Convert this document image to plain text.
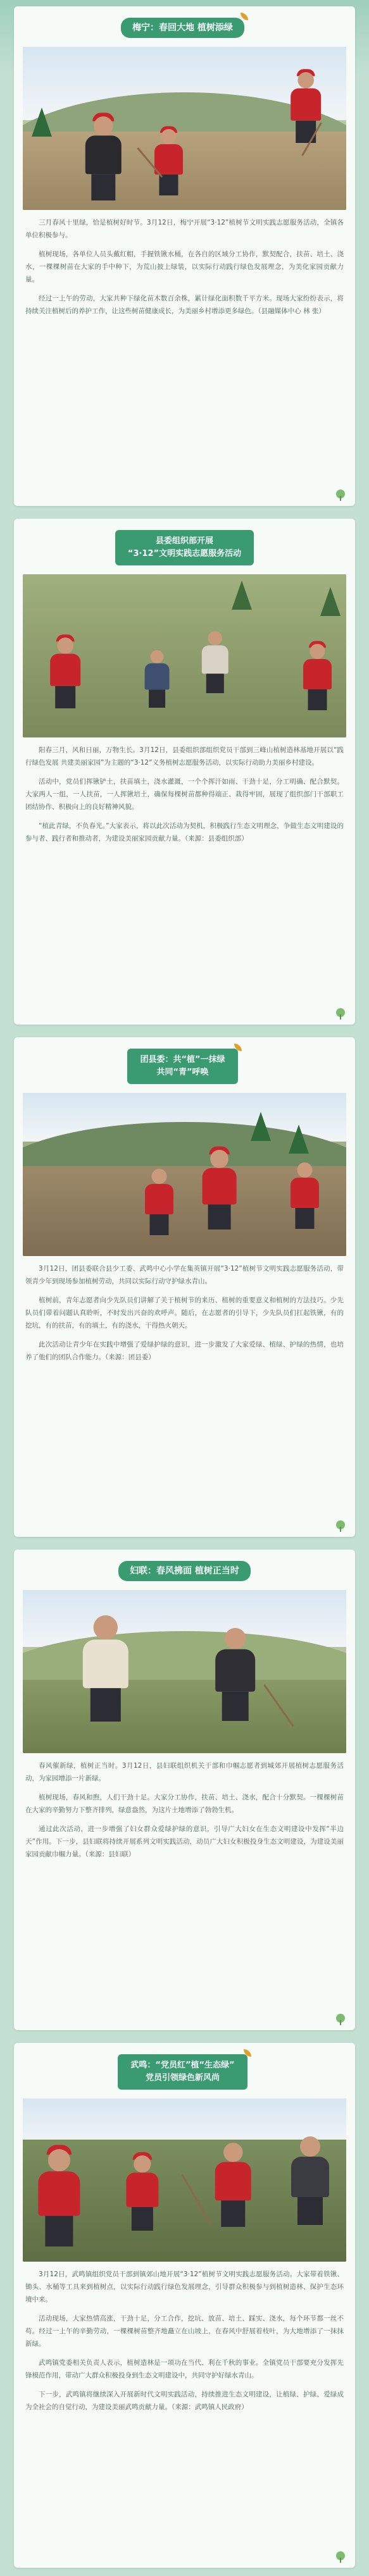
梅宁：春回大地 植树添绿

三月春风十里绿，恰是植树好时节。3月12日，梅宁开展“3·12”植树节文明实践志愿服务活动，全镇各单位积极参与。

植树现场，各单位人员头戴红帽，手握铁锹水桶，在各自的区域分工协作，默契配合，扶苗、培土、浇水，一棵棵树苗在大家的手中种下，为荒山披上绿装，以实际行动践行绿色发展理念，为美化家园贡献力量。

经过一上午的劳动，大家共种下绿化苗木数百余株，累计绿化面积数千平方米。现场大家纷纷表示，将持续关注植树后的养护工作，让这些树苗健康成长，为美丽乡村增添更多绿色。（县融媒体中心 林 张）

县委组织部开展
“3·12”文明实践志愿服务活动

阳春三月，风和日丽，万物生长。3月12日，县委组织部组织党员干部到三峰山植树造林基地开展以“践行绿色发展 共建美丽家园”为主题的“3·12”义务植树志愿服务活动，以实际行动助力美丽乡村建设。

活动中，党员们挥锹铲土，扶苗填土，浇水灌溉，一个个挥汗如雨、干劲十足，分工明确、配合默契。大家两人一组，一人扶苗，一人挥锹培土，确保每棵树苗都种得端正、栽得牢固，展现了组织部门干部职工团结协作、积极向上的良好精神风貌。

“植此青绿，不负春光。”大家表示，将以此次活动为契机，积极践行生态文明理念，争做生态文明建设的参与者、践行者和推动者，为建设美丽家园贡献力量。（来源：县委组织部）

团县委：共“植”一抹绿
共同“青”呼唤

3月12日，团县委联合县少工委、武鸣中心小学在集英镇开展“3·12”植树节文明实践志愿服务活动，带领青少年到现场参加植树劳动，共同以实际行动守护绿水青山。

植树前，青年志愿者向少先队员们讲解了关于植树节的来历、植树的重要意义和植树的方法技巧。少先队员们带着问题认真聆听，不时发出兴奋的欢呼声。随后，在志愿者的引导下，少先队员们扛起铁锹，有的挖坑，有的扶苗，有的填土，有的浇水，干得热火朝天。

此次活动让青少年在实践中增强了爱绿护绿的意识，进一步激发了大家爱绿、植绿、护绿的热情，也培养了他们的团队合作能力。（来源：团县委）

妇联：春风拂面 植树正当时

春风催新绿，植树正当时。3月12日，县妇联组织机关干部和巾帼志愿者到城郊开展植树志愿服务活动，为家园增添一片新绿。

植树现场，春风和煦，人们干劲十足。大家分工协作，扶苗、培土、浇水，配合十分默契。一棵棵树苗在大家的辛勤努力下整齐排列，绿意盎然，为这片土地增添了勃勃生机。

通过此次活动，进一步增强了妇女群众爱绿护绿的意识，引导广大妇女在生态文明建设中发挥“半边天”作用。下一步，县妇联将持续开展系列文明实践活动，动员广大妇女积极投身生态文明建设，为建设美丽家园贡献巾帼力量。（来源：县妇联）

武鸣：“党员红”植“生态绿”
党员引领绿色新风尚

3月12日，武鸣镇组织党员干部到镇郊山地开展“3·12”植树节文明实践志愿服务活动。大家带着铁锹、锄头、水桶等工具来到植树点，以实际行动践行绿色发展理念，引导群众积极参与到植树造林、保护生态环境中来。

活动现场，大家热情高涨，干劲十足，分工合作，挖坑、放苗、培土、踩实、浇水，每个环节都一丝不苟。经过一上午的辛勤劳动，一棵棵树苗整齐地矗立在山坡上，在春风中舒展着枝叶，为大地增添了一抹抹新绿。

武鸣镇党委相关负责人表示，植树造林是一项功在当代、利在千秋的事业。全镇党员干部要充分发挥先锋模范作用，带动广大群众积极投身到生态文明建设中，共同守护好绿水青山。

下一步，武鸣镇将继续深入开展新时代文明实践活动，持续推进生态文明建设，让植绿、护绿、爱绿成为全社会的自觉行动，为建设美丽武鸣贡献力量。（来源：武鸣镇人民政府）
